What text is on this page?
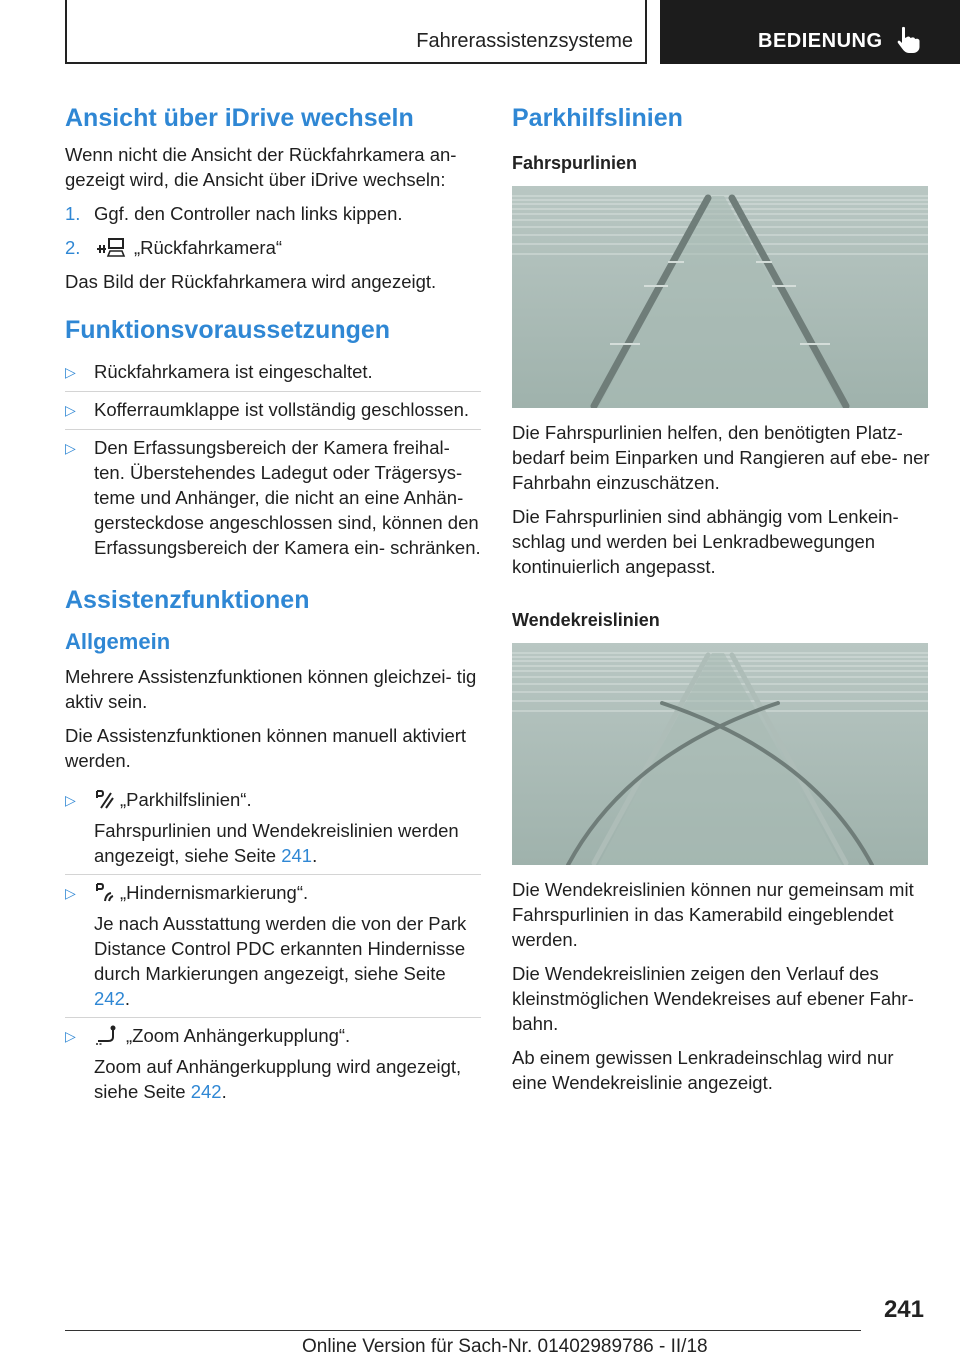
Fahrerassistenzsysteme	BEDIENUNG
Ansicht über iDrive wechseln

Wenn nicht die Ansicht der Rückfahrkamera an- gezeigt wird, die Ansicht über iDrive wechseln:

1. Ggf. den Controller nach links kippen.
2.	„Rückfahrkamera“

Das Bild der Rückfahrkamera wird angezeigt.

Funktionsvoraussetzungen
▷ Rückfahrkamera ist eingeschaltet.
▷ Kofferraumklappe ist vollständig geschlossen.
▷ Den Erfassungsbereich der Kamera freihal- ten. Überstehendes Ladegut oder Trägersys- teme und Anhänger, die nicht an eine Anhän- gersteckdose angeschlossen sind, können den Erfassungsbereich der Kamera ein- schränken.
Assistenzfunktionen
Allgemein

Mehrere Assistenzfunktionen können gleichzei- tig aktiv sein.

Die Assistenzfunktionen können manuell aktiviert werden.

▷	„Parkhilfslinien“.

Fahrspurlinien und Wendekreislinien werden angezeigt, siehe Seite 241.

▷	„Hindernismarkierung“.

Je nach Ausstattung werden die von der Park Distance Control PDC erkannten Hindernisse durch Markierungen angezeigt, siehe Seite 242.

▷	„Zoom Anhängerkupplung“.

Zoom auf Anhängerkupplung wird angezeigt, siehe Seite 242.

Parkhilfslinien
Fahrspurlinien

Die Fahrspurlinien helfen, den benötigten Platz- bedarf beim Einparken und Rangieren auf ebe- ner Fahrbahn einzuschätzen.

Die Fahrspurlinien sind abhängig vom Lenkein- schlag und werden bei Lenkradbewegungen kontinuierlich angepasst.

Wendekreislinien

Die Wendekreislinien können nur gemeinsam mit Fahrspurlinien in das Kamerabild eingeblendet werden.

Die Wendekreislinien zeigen den Verlauf des kleinstmöglichen Wendekreises auf ebener Fahr- bahn.

Ab einem gewissen Lenkradeinschlag wird nur eine Wendekreislinie angezeigt.

241
Online Version für Sach-Nr. 01402989786 - II/18
